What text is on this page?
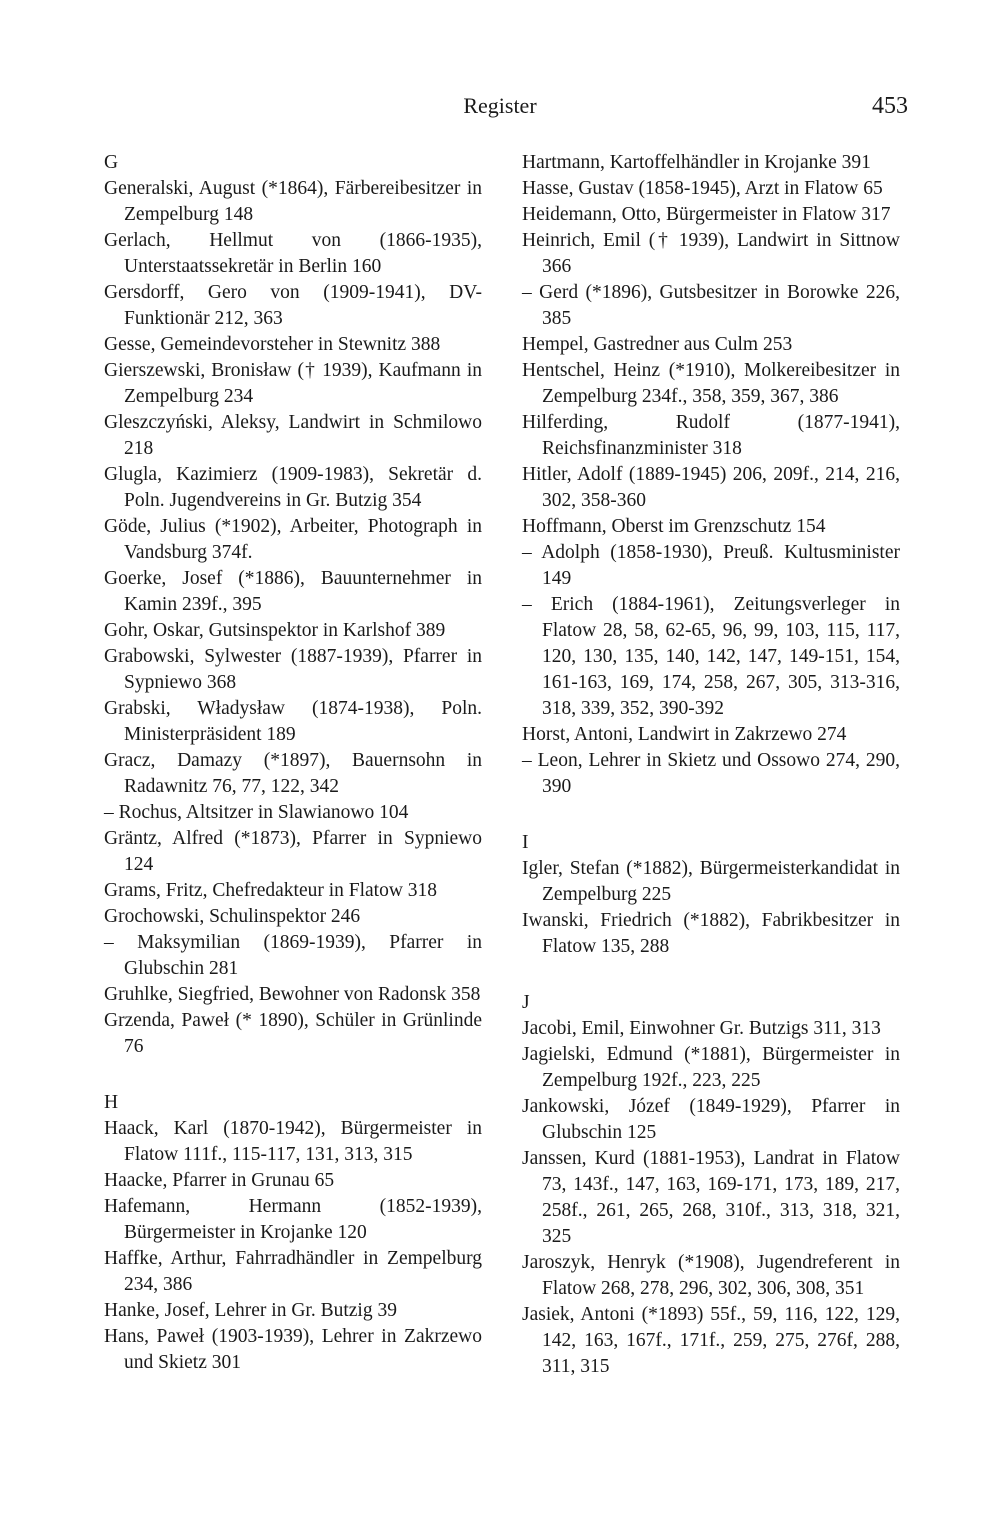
Register	453
G
Generalski, August (*1864), Färbereibesitzer in Zempelburg 148
Gerlach, Hellmut von (1866-1935), Unterstaatssekretär in Berlin 160
Gersdorff, Gero von (1909-1941), DV-Funktionär 212, 363
Gesse, Gemeindevorsteher in Stewnitz 388
Gierszewski, Bronisław († 1939), Kaufmann in Zempelburg 234
Gleszczyński, Aleksy, Landwirt in Schmilowo 218
Glugla, Kazimierz (1909-1983), Sekretär d. Poln. Jugendvereins in Gr. Butzig 354
Göde, Julius (*1902), Arbeiter, Photograph in Vandsburg 374f.
Goerke, Josef (*1886), Bauunternehmer in Kamin 239f., 395
Gohr, Oskar, Gutsinspektor in Karlshof 389
Grabowski, Sylwester (1887-1939), Pfarrer in Sypniewo 368
Grabski, Władysław (1874-1938), Poln. Ministerpräsident 189
Gracz, Damazy (*1897), Bauernsohn in Radawnitz 76, 77, 122, 342
– Rochus, Altsitzer in Slawianowo 104
Gräntz, Alfred (*1873), Pfarrer in Sypniewo 124
Grams, Fritz, Chefredakteur in Flatow 318
Grochowski, Schulinspektor 246
– Maksymilian (1869-1939), Pfarrer in Glubschin 281
Gruhlke, Siegfried, Bewohner von Radonsk 358
Grzenda, Paweł (* 1890), Schüler in Grünlinde 76
H
Haack, Karl (1870-1942), Bürgermeister in Flatow 111f., 115-117, 131, 313, 315
Haacke, Pfarrer in Grunau 65
Hafemann, Hermann (1852-1939), Bürgermeister in Krojanke 120
Haffke, Arthur, Fahrradhändler in Zempelburg 234, 386
Hanke, Josef, Lehrer in Gr. Butzig 39
Hans, Paweł (1903-1939), Lehrer in Zakrzewo und Skietz 301
Hartmann, Kartoffelhändler in Krojanke 391
Hasse, Gustav (1858-1945), Arzt in Flatow 65
Heidemann, Otto, Bürgermeister in Flatow 317
Heinrich, Emil († 1939), Landwirt in Sittnow 366
– Gerd (*1896), Gutsbesitzer in Borowke 226, 385
Hempel, Gastredner aus Culm 253
Hentschel, Heinz (*1910), Molkereibesitzer in Zempelburg 234f., 358, 359, 367, 386
Hilferding, Rudolf (1877-1941), Reichsfinanzminister 318
Hitler, Adolf (1889-1945) 206, 209f., 214, 216, 302, 358-360
Hoffmann, Oberst im Grenzschutz 154
– Adolph (1858-1930), Preuß. Kultusminister 149
– Erich (1884-1961), Zeitungsverleger in Flatow 28, 58, 62-65, 96, 99, 103, 115, 117, 120, 130, 135, 140, 142, 147, 149-151, 154, 161-163, 169, 174, 258, 267, 305, 313-316, 318, 339, 352, 390-392
Horst, Antoni, Landwirt in Zakrzewo 274
– Leon, Lehrer in Skietz und Ossowo 274, 290, 390
I
Igler, Stefan (*1882), Bürgermeisterkandidat in Zempelburg 225
Iwanski, Friedrich (*1882), Fabrikbesitzer in Flatow 135, 288
J
Jacobi, Emil, Einwohner Gr. Butzigs 311, 313
Jagielski, Edmund (*1881), Bürgermeister in Zempelburg 192f., 223, 225
Jankowski, Józef (1849-1929), Pfarrer in Glubschin 125
Janssen, Kurd (1881-1953), Landrat in Flatow 73, 143f., 147, 163, 169-171, 173, 189, 217, 258f., 261, 265, 268, 310f., 313, 318, 321, 325
Jaroszyk, Henryk (*1908), Jugendreferent in Flatow 268, 278, 296, 302, 306, 308, 351
Jasiek, Antoni (*1893) 55f., 59, 116, 122, 129, 142, 163, 167f., 171f., 259, 275, 276f, 288, 311, 315
